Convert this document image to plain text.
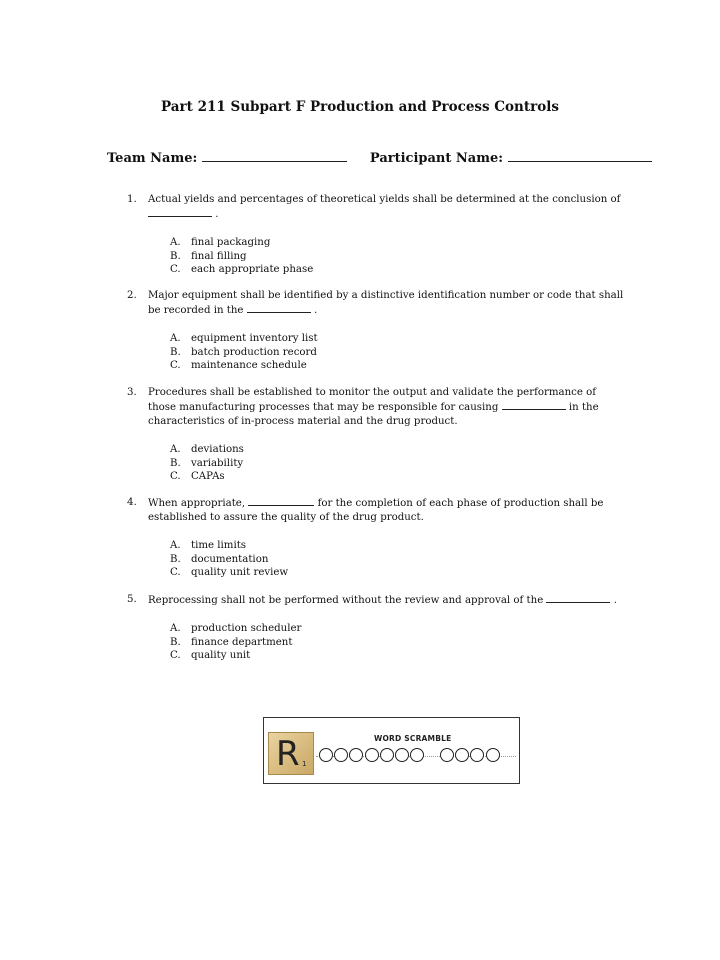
Part 211 Subpart F Production and Process Controls
Team Name:	Participant Name:
1. Actual yields and percentages of theoretical yields shall be determined at the conclusion of
.
A. final packaging
B. final filling
C. each appropriate phase
2. Major equipment shall be identified by a distinctive identification number or code that shall be recorded in the	.
A. equipment inventory list
B. batch production record
C. maintenance schedule
3. Procedures shall be established to monitor the output and validate the performance of those manufacturing processes that may be responsible for causing	in the characteristics of in-process material and the drug product.
A. deviations
B. variability
C. CAPAs
4. When appropriate,	for the completion of each phase of production shall be established to assure the quality of the drug product.
A. time limits
B. documentation
C. quality unit review
5. Reprocessing shall not be performed without the review and approval of the	.
A. production scheduler
B. finance department
C. quality unit
R 1
WORD SCRAMBLE
